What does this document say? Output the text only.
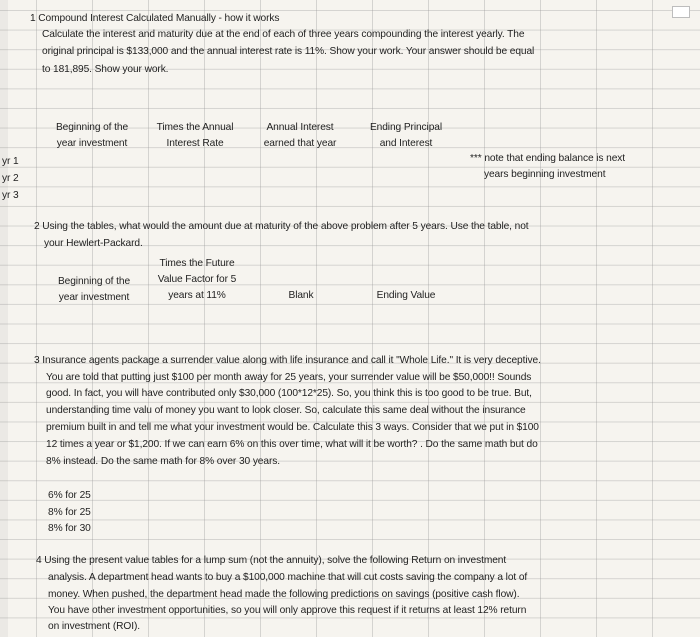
1 Compound Interest Calculated Manually - how it works
Calculate the interest and maturity due at the end of each of three years compounding the interest yearly. The
original principal is $133,000 and the annual interest rate is 11%. Show your work. Your answer should be equal
to 181,895. Show your work.
Beginning of the
year investment
Times the Annual
Interest Rate
Annual Interest
earned that year
Ending Principal
and Interest
yr 1
yr 2
yr 3
*** note that ending balance is next
years beginning investment
2 Using the tables, what would the amount due at maturity of the above problem after 5 years. Use the table, not
your Hewlert-Packard.
Beginning of the
year investment
Times the Future
Value Factor for 5
years at 11%	Blank	Ending Value
3 Insurance agents package a surrender value along with life insurance and call it "Whole Life." It is very deceptive.
You are told that putting just $100 per month away for 25 years, your surrender value will be $50,000!! Sounds
good. In fact, you will have contributed only $30,000 (100*12*25). So, you think this is too good to be true. But,
understanding time valu of money you want to look closer. So, calculate this same deal without the insurance
premium built in and tell me what your investment would be. Calculate this 3 ways. Consider that we put in $100
12 times a year or $1,200. If we can earn 6% on this over time, what will it be worth? . Do the same math but do
8% instead. Do the same math for 8% over 30 years.
6% for 25
8% for 25
8% for 30
4 Using the present value tables for a lump sum (not the annuity), solve the following Return on investment
analysis. A department head wants to buy a $100,000 machine that will cut costs saving the company a lot of
money. When pushed, the department head made the following predictions on savings (positive cash flow).
You have other investment opportunities, so you will only approve this request if it returns at least 12% return
on investment (ROI).
